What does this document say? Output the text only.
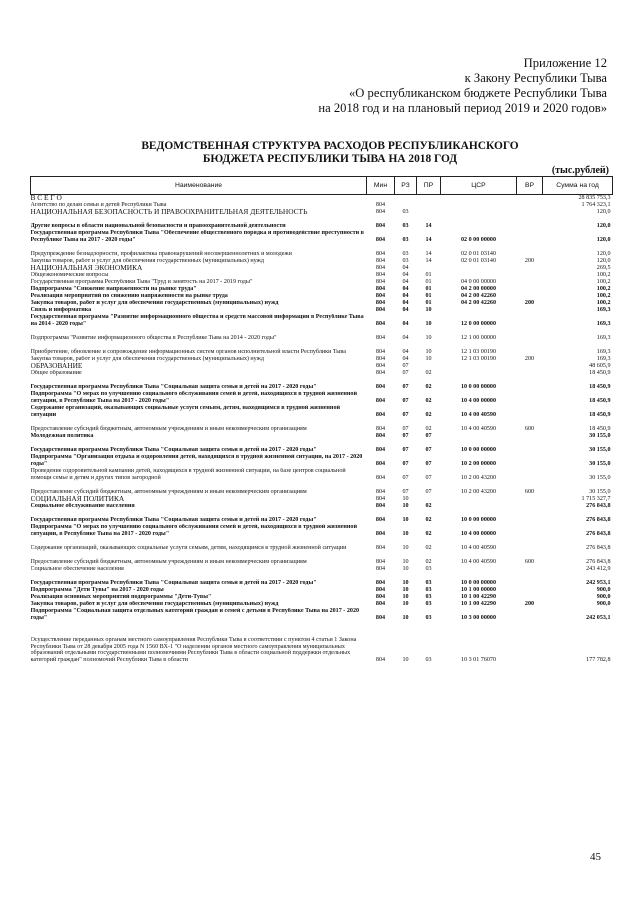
Приложение 12
к Закону Республики Тыва
«О республиканском бюджете Республики Тыва
на 2018 год и на плановый период 2019 и 2020 годов»
ВЕДОМСТВЕННАЯ СТРУКТУРА РАСХОДОВ РЕСПУБЛИКАНСКОГО
БЮДЖЕТА РЕСПУБЛИКИ ТЫВА НА 2018 ГОД
(тыс.рублей)
Наименование	Мин	РЗ	ПР	ЦСР	ВР	Сумма на год
В С Е Г О						28 835 753,3
Агентство по делам семьи и детей Республики Тыва	804					1 764 323,1
НАЦИОНАЛЬНАЯ БЕЗОПАСНОСТЬ И ПРАВООХРАНИТЕЛЬНАЯ ДЕЯТЕЛЬНОСТЬ	804	03				120,0
Другие вопросы в области национальной безопасности и правоохранительной деятельности	804	03	14			120,0
Государственная программа Республики Тыва "Обеспечение общественного порядка и противодействие преступности в Республике Тыва на 2017 - 2020 годы"	804	03	14	02 0 00 00000		120,0
Предупреждение безнадзорности, профилактика правонарушений несовершеннолетних и молодежи	804	03	14	02 0 01 03140		120,0
Закупка товаров, работ и услуг для обеспечения государственных (муниципальных) нужд	804	03	14	02 0 01 03140	200	120,0
НАЦИОНАЛЬНАЯ ЭКОНОМИКА	804	04				269,5
Общеэкономические вопросы	804	04	01			100,2
Государственная программа Республики Тыва "Труд и занятость на 2017 - 2019 годы"	804	04	01	04 0 00 00000		100,2
Подпрограмма "Снижение напряженности на рынке труда"	804	04	01	04 2 00 00000		100,2
Реализация мероприятий по снижению напряженности на рынке труда	804	04	01	04 2 00 42260		100,2
Закупка товаров, работ и услуг для обеспечения государственных (муниципальных) нужд	804	04	01	04 2 00 42260	200	100,2
Связь и информатика	804	04	10			169,3
Государственная программа "Развитие информационного общества и средств массовой информации в Республике Тыва на 2014 - 2020 годы"	804	04	10	12 0 00 00000		169,3
Подпрограмма "Развитие информационного общества в Республике Тыва на 2014 - 2020 годы"	804	04	10	12 1 00 00000		169,3
Приобретение, обновление и сопровождение информационных систем органов исполнительной власти Республики Тыва	804	04	10	12 1 03 00190		169,3
Закупка товаров, работ и услуг для обеспечения государственных (муниципальных) нужд	804	04	10	12 1 03 00190	200	169,3
ОБРАЗОВАНИЕ	804	07				48 605,9
Общее образование	804	07	02			18 450,9
Государственная программа Республики Тыва "Социальная защита семьи и детей на 2017 - 2020 годы"	804	07	02	10 0 00 00000		18 450,9
Подпрограмма "О мерах по улучшению социального обслуживания семей и детей, находящихся в трудной жизненной ситуации, в Республике Тыва на 2017 - 2020 годы"	804	07	02	10 4 00 00000		18 450,9
Содержание организаций, оказывающих социальные услуги семьям, детям, находящимся в трудной жизненной ситуации	804	07	02	10 4 00 40590		18 450,9
Предоставление субсидий бюджетным, автономным учреждениям и иным некоммерческим организациям	804	07	02	10 4 00 40590	600	18 450,9
Молодежная политика	804	07	07			30 155,0
Государственная программа Республики Тыва "Социальная защита семьи и детей на 2017 - 2020 годы"	804	07	07	10 0 00 00000		30 155,0
Подпрограмма "Организация отдыха и оздоровления детей, находящихся в трудной жизненной ситуации, на 2017 - 2020 годы"	804	07	07	10 2 00 00000		30 155,0
Проведение оздоровительной кампании детей, находящихся в трудной жизненной ситуации, на базе центров социальной помощи семье и детям и других типов загородной	804	07	07	10 2 00 43200		30 155,0
Предоставление субсидий бюджетным, автономным учреждениям и иным некоммерческим организациям	804	07	07	10 2 00 43200	600	30 155,0
СОЦИАЛЬНАЯ ПОЛИТИКА	804	10				1 715 327,7
Социальное обслуживание населения	804	10	02			276 843,8
Государственная программа Республики Тыва "Социальная защита семьи и детей на 2017 - 2020 годы"	804	10	02	10 0 00 00000		276 843,8
Подпрограмма "О мерах по улучшению социального обслуживания семей и детей, находящихся в трудной жизненной ситуации, в Республике Тыва на 2017 - 2020 годы"	804	10	02	10 4 00 00000		276 843,8
Содержание организаций, оказывающих социальные услуги семьям, детям, находящимся в трудной жизненной ситуации	804	10	02	10 4 00 40590		276 843,8
Предоставление субсидий бюджетным, автономным учреждениям и иным некоммерческим организациям	804	10	02	10 4 00 40590	600	276 843,8
Социальное обеспечение населения	804	10	03			243 412,9
Государственная программа Республики Тыва "Социальная защита семьи и детей на 2017 - 2020 годы"	804	10	03	10 0 00 00000		242 953,1
Подпрограмма "Дети Тувы" на 2017 - 2020 годы	804	10	03	10 1 00 00000		900,0
Реализация основных мероприятий подпрограммы "Дети-Тувы"	804	10	03	10 1 00 42290		900,0
Закупка товаров, работ и услуг для обеспечения государственных (муниципальных) нужд	804	10	03	10 1 00 42290	200	900,0
Подпрограмма "Социальная защита отдельных категорий граждан и семей с детьми в Республике Тыва на 2017 - 2020 годы"	804	10	03	10 3 00 00000		242 053,1
Осуществление переданных органам местного самоуправления Республики Тыва в соответствии с пунктом 4 статьи 1 Закона Республики Тыва от 28 декабря 2005 года N 1560 ВХ-1 "О наделении органов местного самоуправления муниципальных образований отдельными государственными полномочиями Республики Тыва в области социальной поддержки отдельных категорий граждан" полномочий Республики Тыва в области	804	10	03	10 3 01 76070		177 782,8
45
